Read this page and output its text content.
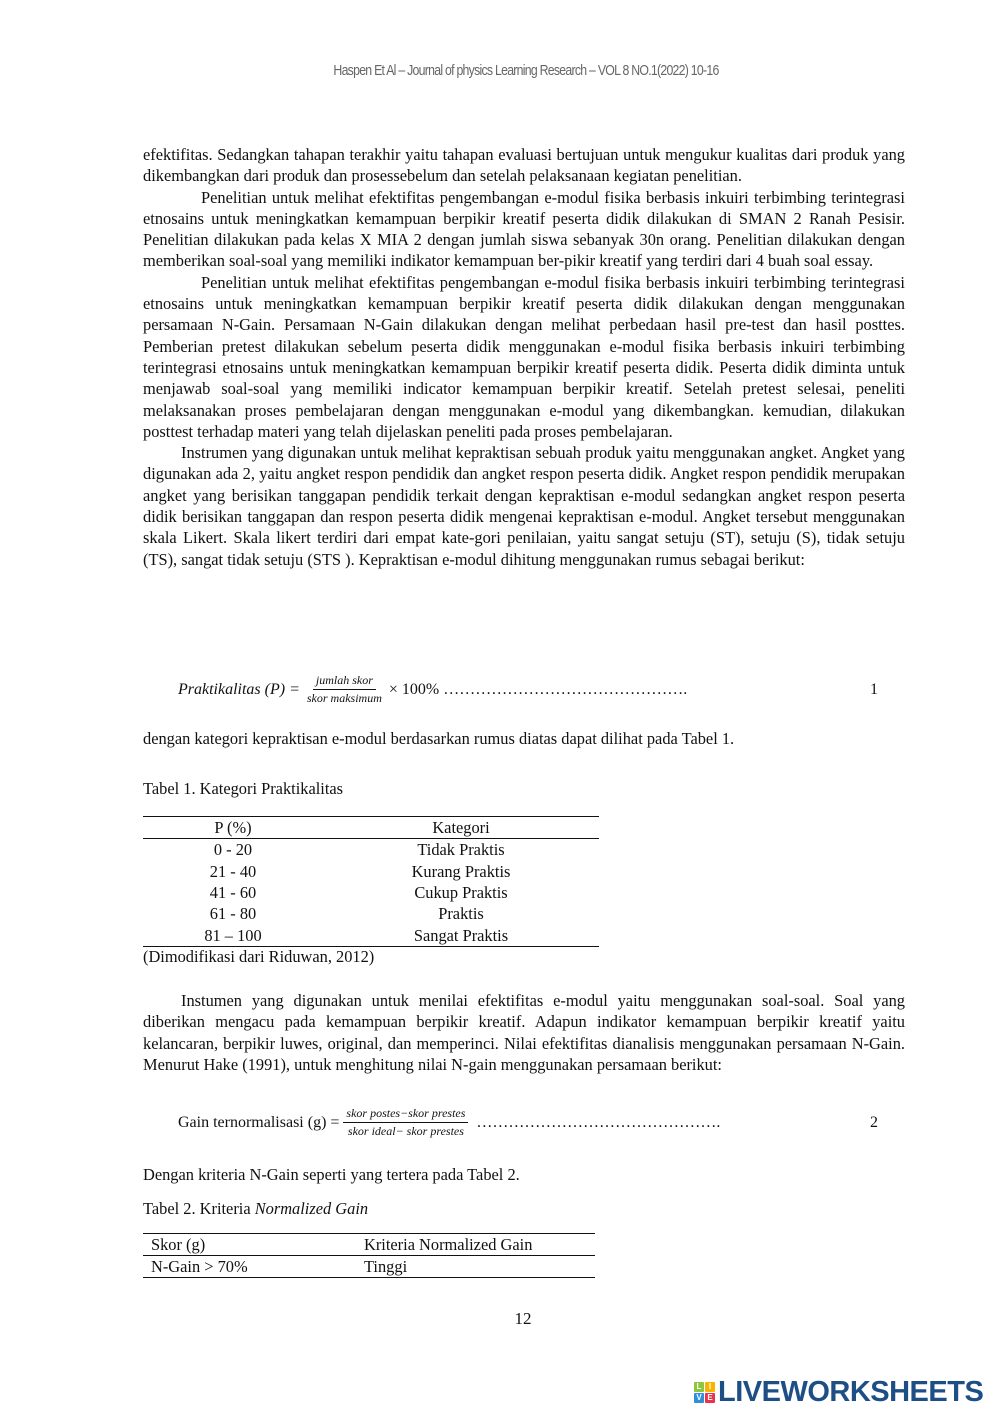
Haspen Et Al – Journal of physics Learning Research – VOL 8 NO.1(2022) 10-16

efektifitas. Sedangkan tahapan terakhir yaitu tahapan evaluasi bertujuan untuk mengukur kualitas dari produk yang dikembangkan dari produk dan prosessebelum dan setelah pelaksanaan kegiatan penelitian.

Penelitian untuk melihat efektifitas pengembangan e-modul fisika berbasis inkuiri terbimbing terintegrasi etnosains untuk meningkatkan kemampuan berpikir kreatif peserta didik dilakukan di SMAN 2 Ranah Pesisir. Penelitian dilakukan pada kelas X MIA 2 dengan jumlah siswa sebanyak 30n orang. Penelitian dilakukan dengan memberikan soal-soal yang memiliki indikator kemampuan ber-pikir kreatif yang terdiri dari 4 buah soal essay.

Penelitian untuk melihat efektifitas pengembangan e-modul fisika berbasis inkuiri terbimbing terintegrasi etnosains untuk meningkatkan kemampuan berpikir kreatif peserta didik dilakukan dengan menggunakan persamaan N-Gain. Persamaan N-Gain dilakukan dengan melihat perbedaan hasil pre-test dan hasil posttes. Pemberian pretest dilakukan sebelum peserta didik menggunakan e-modul fisika berbasis inkuiri terbimbing terintegrasi etnosains untuk meningkatkan kemampuan berpikir kreatif peserta didik. Peserta didik diminta untuk menjawab soal-soal yang memiliki indicator kemampuan berpikir kreatif. Setelah pretest selesai, peneliti melaksanakan proses pembelajaran dengan menggunakan e-modul yang dikembangkan. kemudian, dilakukan posttest terhadap materi yang telah dijelaskan peneliti pada proses pembelajaran.

Instrumen yang digunakan untuk melihat kepraktisan sebuah produk yaitu menggunakan angket. Angket yang digunakan ada 2, yaitu angket respon pendidik dan angket respon peserta didik. Angket respon pendidik merupakan angket yang berisikan tanggapan pendidik terkait dengan kepraktisan e-modul sedangkan angket respon peserta didik berisikan tanggapan dan respon peserta didik mengenai kepraktisan e-modul. Angket tersebut menggunakan skala Likert. Skala likert terdiri dari empat kate-gori penilaian, yaitu sangat setuju (ST), setuju (S), tidak setuju (TS), sangat tidak setuju (STS ). Kepraktisan e-modul dihitung menggunakan rumus sebagai berikut:

Praktikalitas $(P) = \frac{\text{jumlah skor}}{\text{skor maksimum}} \times 100\%$ ……………………………………….	1
dengan kategori kepraktisan e-modul berdasarkan rumus diatas dapat dilihat pada Tabel 1.
Tabel 1. Kategori Praktikalitas
P (%)	Kategori
0 - 20	Tidak Praktis
21 - 40	Kurang Praktis
41 - 60	Cukup Praktis
61 - 80	Praktis
81 – 100	Sangat Praktis
(Dimodifikasi dari Riduwan, 2012)

Instumen yang digunakan untuk menilai efektifitas e-modul yaitu menggunakan soal-soal. Soal yang diberikan mengacu pada kemampuan berpikir kreatif. Adapun indikator kemampuan berpikir kreatif yaitu kelancaran, berpikir luwes, original, dan memperinci. Nilai efektifitas dianalisis menggunakan persamaan N-Gain. Menurut Hake (1991), untuk menghitung nilai N-gain menggunakan persamaan berikut:

Gain ternormalisasi $(g) = \frac{\text{skor postes−skor prestes}}{\text{skor ideal− skor prestes}}$ ……………………………………….	2
Dengan kriteria N-Gain seperti yang tertera pada Tabel 2.
Tabel 2. Kriteria Normalized Gain
Skor (g)	Kriteria Normalized Gain
N-Gain > 70%	Tinggi
12
L I
V E LIVEWORKSHEETS
